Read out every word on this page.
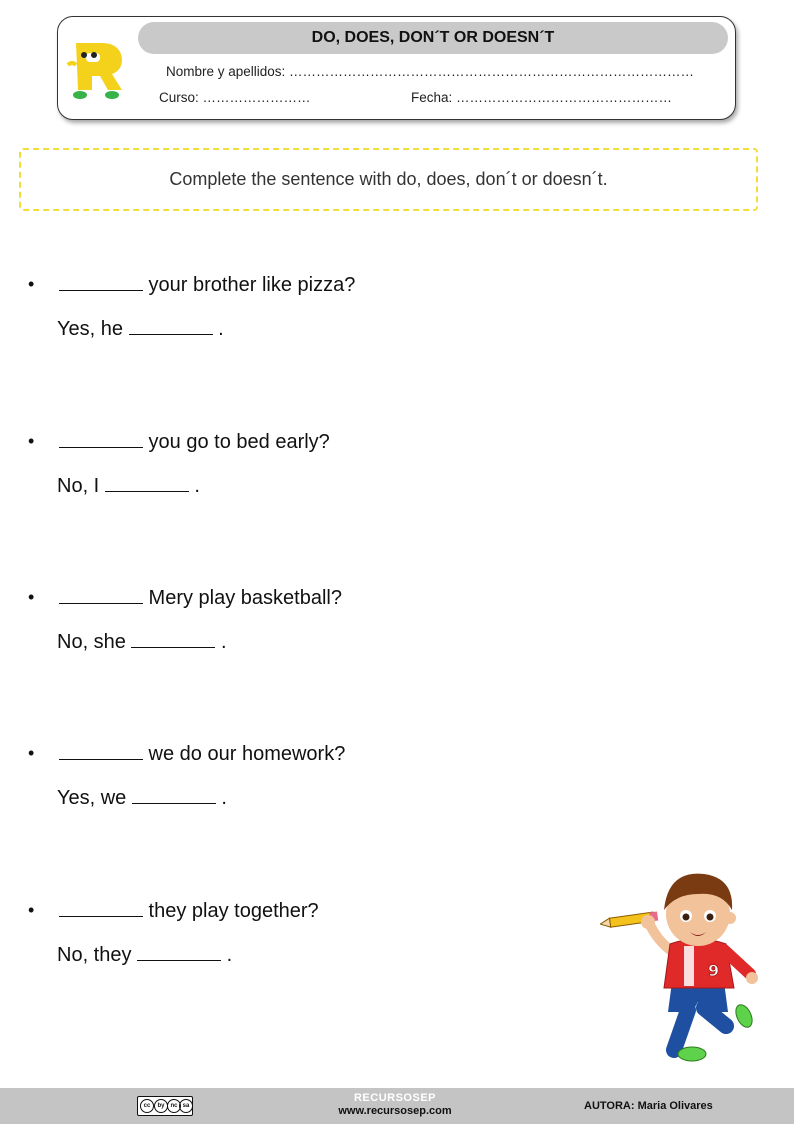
DO, DOES, DON´T OR DOESN´T
Nombre y apellidos: ………………………………………………………………………………
Curso: ……………………	Fecha: …………………………………………
Complete the sentence with do, does, don´t or doesn´t.
•	your brother like pizza?
Yes, he	.
•	you go to bed early?
No, I	.
•	Mery play basketball?
No, she	.
•	we do our homework?
Yes, we	.
•	they play together?
No, they	.
9
cc	by nc sa
RECURSOSEP
www.recursosep.com	AUTORA: Maria Olivares
